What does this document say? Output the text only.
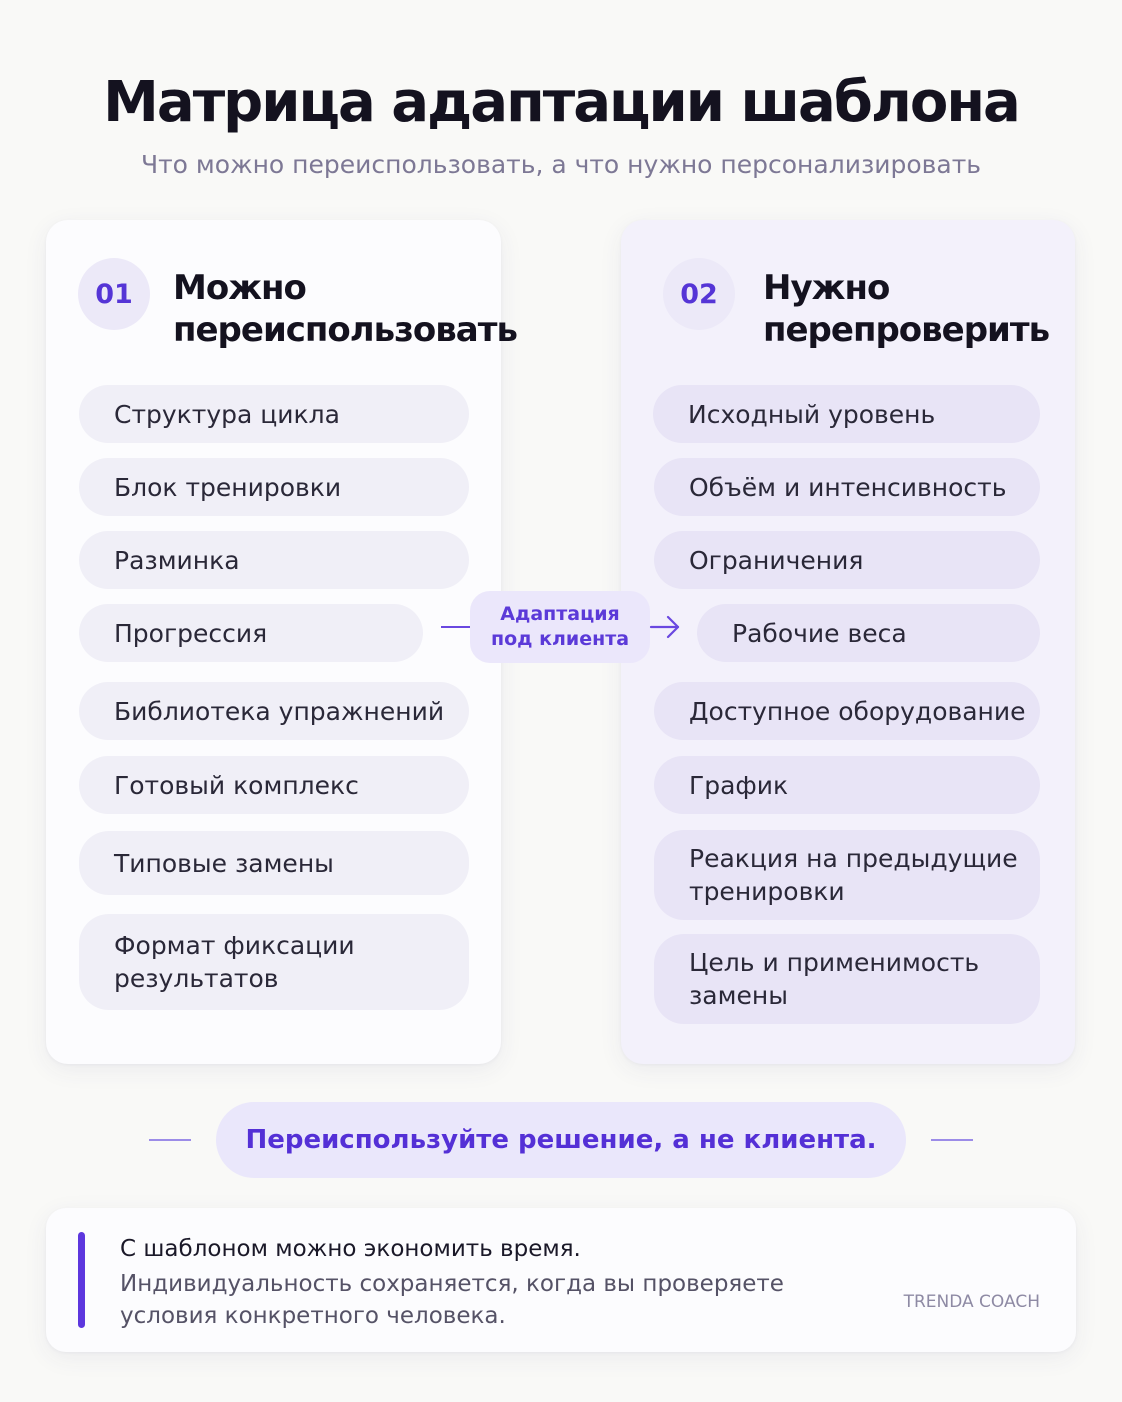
Матрица адаптации шаблона
Что можно переиспользовать, а что нужно персонализировать
01	Можно
переиспользовать
Структура цикла
Блок тренировки
Разминка
Прогрессия
Библиотека упражнений
Готовый комплекс
Типовые замены
Формат фиксации
результатов
02	Нужно
перепроверить
Исходный уровень
Объём и интенсивность
Ограничения
Рабочие веса
Доступное оборудование
График
Реакция на предыдущие
тренировки
Цель и применимость
замены
Адаптация
под клиента
Переиспользуйте решение, а не клиента.
С шаблоном можно экономить время.
Индивидуальность сохраняется, когда вы проверяете
условия конкретного человека.
TRENDA COACH
